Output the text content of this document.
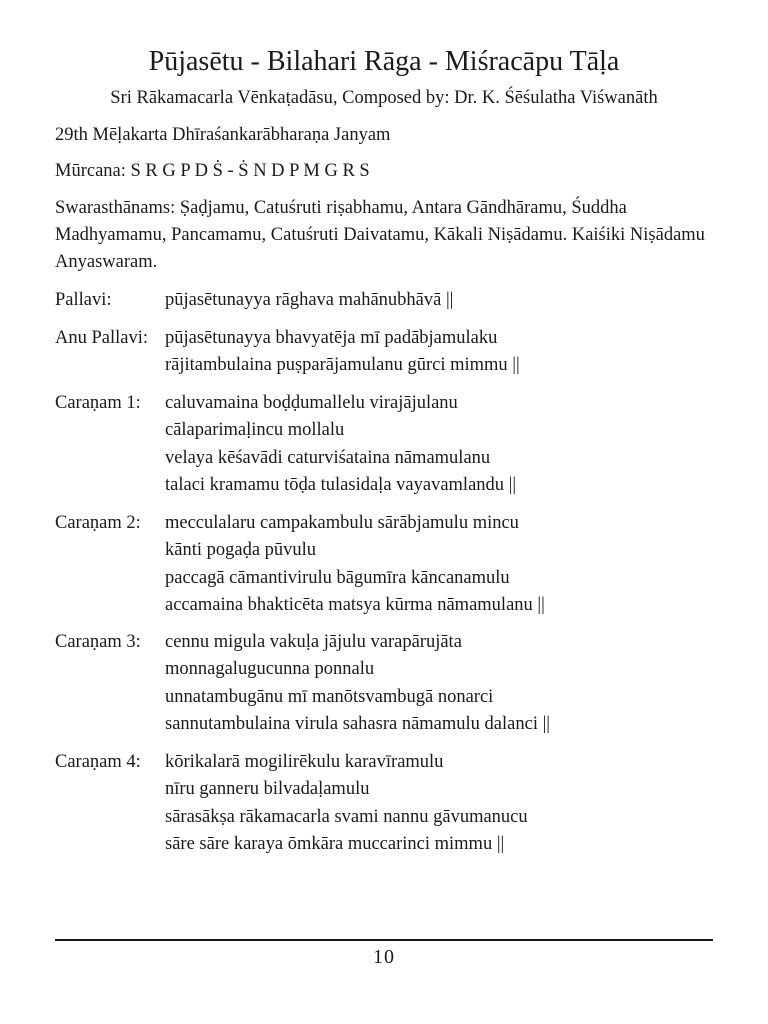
Pūjasētu - Bilahari Rāga - Miśracāpu Tāḷa
Sri Rākamacarla Vēnkaṭadāsu, Composed by: Dr. K. Śēśulatha Viśwanāth
29th Mēḷakarta Dhīraśankarābharaṇa Janyam
Mūrcana: S R G P D Ṡ - Ṡ N D P M G R S
Swarasthānams: Ṣaḍjamu, Catuśruti riṣabhamu, Antara Gāndhāramu, Śuddha Madhyamamu, Pancamamu, Catuśruti Daivatamu, Kākali Niṣādamu. Kaiśiki Niṣādamu Anyaswaram.
Pallavi:	pūjasētunayya rāghava mahānubhāvā ||
Anu Pallavi: pūjasētunayya bhavyatēja mī padābjamulaku
rājitambulaina puṣparājamulanu gūrci mimmu ||
Caraṇam 1:	caluvamaina boḍḍumallelu virajājulanu
cālaparimaḷincu mollalu
velaya kēśavādi caturviśataina nāmamulanu
talaci kramamu tōḍa tulasidaḷa vayavamlandu ||
Caraṇam 2:	mecculalaru campakambulu sārābjamulu mincu
kānti pogaḍa pūvulu
paccagā cāmantivirulu bāgumīra kāncanamulu
accamaina bhakticēta matsya kūrma nāmamulanu ||
Caraṇam 3:	cennu migula vakuḷa jājulu varapārujāta
monnagalugucunna ponnalu
unnatambugānu mī manōtsvambugā nonarci
sannutambulaina virula sahasra nāmamulu dalanci ||
Caraṇam 4:	kōrikalarā mogilirēkulu karavīramulu
nīru ganneru bilvadaḷamulu
sārasākṣa rākamacarla svami nannu gāvumanucu
sāre sāre karaya ōmkāra muccarinci mimmu ||
10
